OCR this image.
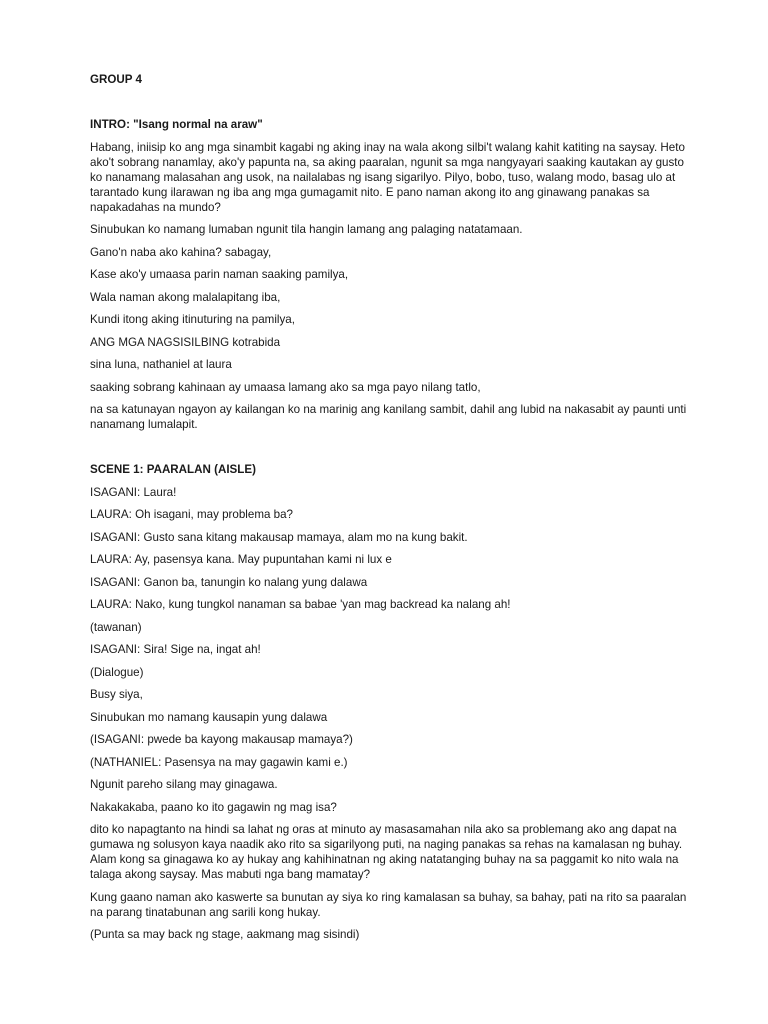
GROUP 4

INTRO: "Isang normal na araw"

Habang, iniisip ko ang mga sinambit kagabi ng aking inay na wala akong silbi't walang kahit katiting na saysay. Heto ako't sobrang nanamlay, ako'y papunta na, sa aking paaralan, ngunit sa mga nangyayari saaking kautakan ay gusto ko nanamang malasahan ang usok, na nailalabas ng isang sigarilyo. Pilyo, bobo, tuso, walang modo, basag ulo at tarantado kung ilarawan ng iba ang mga gumagamit nito. E pano naman akong ito ang ginawang panakas sa napakadahas na mundo?

Sinubukan ko namang lumaban ngunit tila hangin lamang ang palaging natatamaan.

Gano'n naba ako kahina? sabagay,

Kase ako'y umaasa parin naman saaking pamilya,

Wala naman akong malalapitang iba,

Kundi itong aking itinuturing na pamilya,

ANG MGA NAGSISILBING kotrabida

sina luna, nathaniel at laura

saaking sobrang kahinaan ay umaasa lamang ako sa mga payo nilang tatlo,

na sa katunayan ngayon ay kailangan ko na marinig ang kanilang sambit, dahil ang lubid na nakasabit ay paunti unti nanamang lumalapit.

SCENE 1: PAARALAN (AISLE)

ISAGANI: Laura!

LAURA: Oh isagani, may problema ba?

ISAGANI: Gusto sana kitang makausap mamaya, alam mo na kung bakit.

LAURA: Ay, pasensya kana. May pupuntahan kami ni lux e

ISAGANI: Ganon ba, tanungin ko nalang yung dalawa

LAURA: Nako, kung tungkol nanaman sa babae 'yan mag backread ka nalang ah!

(tawanan)

ISAGANI: Sira! Sige na, ingat ah!

(Dialogue)

Busy siya,

Sinubukan mo namang kausapin yung dalawa

(ISAGANI: pwede ba kayong makausap mamaya?)

(NATHANIEL: Pasensya na may gagawin kami e.)

Ngunit pareho silang may ginagawa.

Nakakakaba, paano ko ito gagawin ng mag isa?

dito ko napagtanto na hindi sa lahat ng oras at minuto ay masasamahan nila ako sa problemang ako ang dapat na gumawa ng solusyon kaya naadik ako rito sa sigarilyong puti, na naging panakas sa rehas na kamalasan ng buhay. Alam kong sa ginagawa ko ay hukay ang kahihinatnan ng aking natatanging buhay na sa paggamit ko nito wala na talaga akong saysay. Mas mabuti nga bang mamatay?

Kung gaano naman ako kaswerte sa bunutan ay siya ko ring kamalasan sa buhay, sa bahay, pati na rito sa paaralan na parang tinatabunan ang sarili kong hukay.

(Punta sa may back ng stage, aakmang mag sisindi)
